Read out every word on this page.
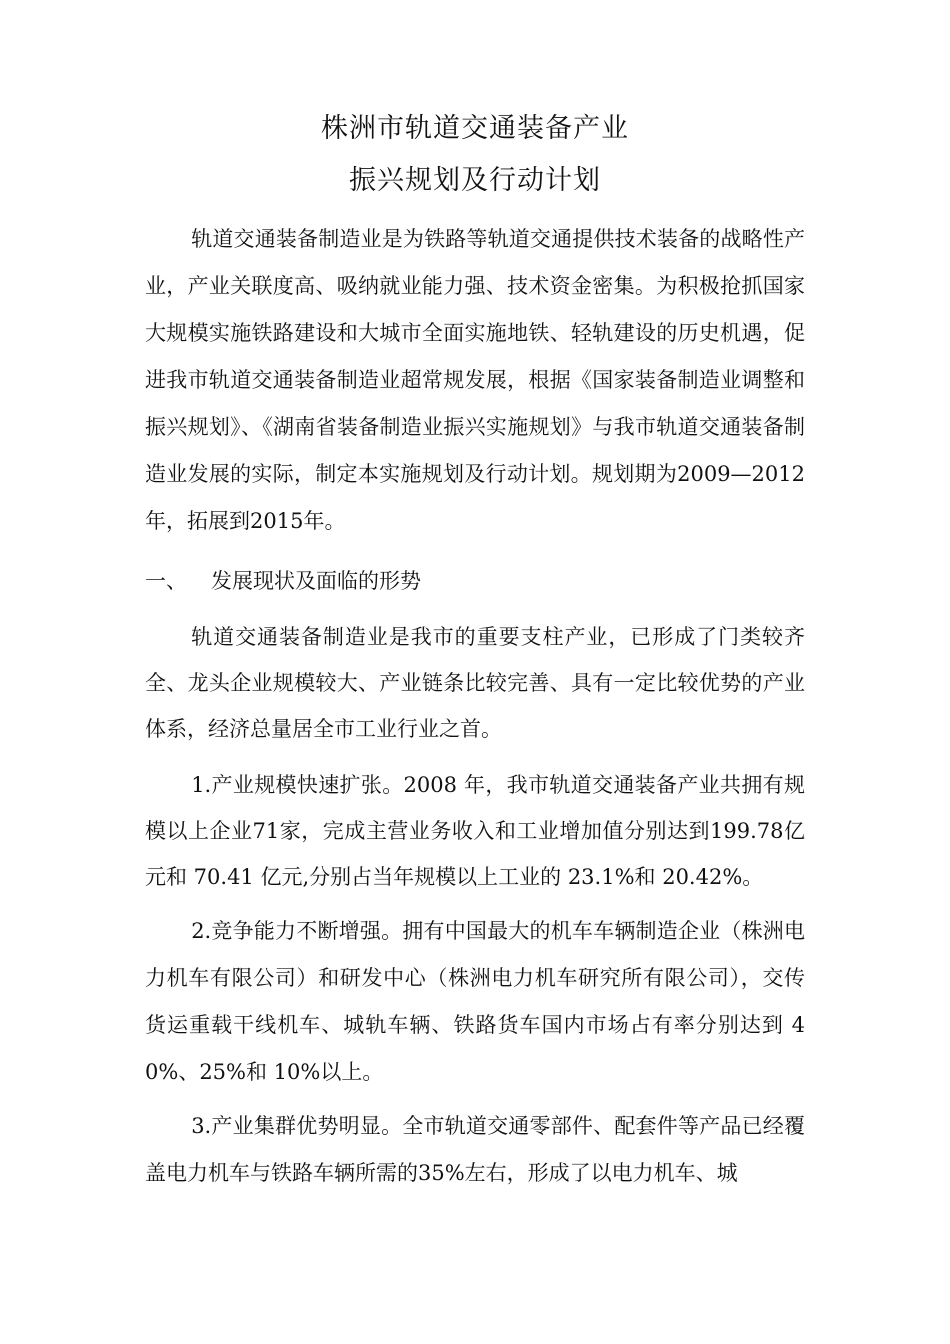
株洲市轨道交通装备产业
振兴规划及行动计划

轨道交通装备制造业是为铁路等轨道交通提供技术装备的战略性产业，产业关联度高、吸纳就业能力强、技术资金密集。为积极抢抓国家大规模实施铁路建设和大城市全面实施地铁、轻轨建设的历史机遇，促进我市轨道交通装备制造业超常规发展，根据《国家装备制造业调整和振兴规划》、《湖南省装备制造业振兴实施规划》与我市轨道交通装备制造业发展的实际，制定本实施规划及行动计划。规划期为2009—2012年，拓展到2015年。

一、 发展现状及面临的形势

轨道交通装备制造业是我市的重要支柱产业，已形成了门类较齐全、龙头企业规模较大、产业链条比较完善、具有一定比较优势的产业体系，经济总量居全市工业行业之首。

1.产业规模快速扩张。2008 年，我市轨道交通装备产业共拥有规模以上企业71家，完成主营业务收入和工业增加值分别达到199.78亿元和 70.41 亿元,分别占当年规模以上工业的 23.1%和 20.42%。

2.竞争能力不断增强。拥有中国最大的机车车辆制造企业（株洲电力机车有限公司）和研发中心（株洲电力机车研究所有限公司），交传货运重载干线机车、城轨车辆、铁路货车国内市场占有率分别达到 40%、25%和 10%以上。

3.产业集群优势明显。全市轨道交通零部件、配套件等产品已经覆盖电力机车与铁路车辆所需的35%左右，形成了以电力机车、城
